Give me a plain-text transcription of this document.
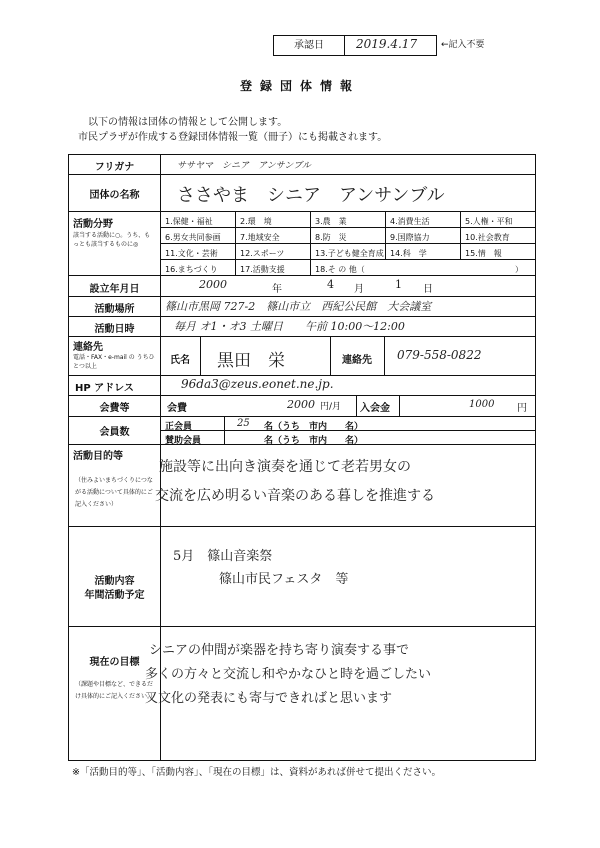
承認日	2019.4.17	←記入不要
登録団体情報
以下の情報は団体の情報として公開します。
市民プラザが作成する登録団体情報一覧（冊子）にも掲載されます。
フリガナ	ササヤマ　シニア　アンサンブル
団体の名称	ささやま　シニア　アンサンブル
活動分野
該当する活動に○。うち、もっとも該当するものに◎
1.保健・福祉	2.環　境	3.農　業	4.消費生活	5.人権・平和
6.男女共同参画 7.地域安全	8.防　災	9.国際協力	10.社会教育
11.文化・芸術	12.スポーツ	13.子ども健全育成 14.科　学	15.情　報
16.まちづくり	17.活動支援	18.そ の 他（	）
設立年月日	2000	年	4 月	1 日
活動場所	篠山市黒岡 727-2　篠山市立　西紀公民館　大会議室
活動日時	毎月 オ1・オ3 土曜日　　午前 10:00〜12:00
連絡先
電話・FAX・e-mail の うちひとつ以上
氏名	黒田　栄	連絡先	079-558-0822
HP アドレス	96da3@zeus.eonet.ne.jp.
会費等	会費	2000 円/月 入会金	1000 円
会員数	正会員	25 名（うち　市内 名）
賛助会員	名（うち　市内 名）
活動目的等
（住みよいまちづくりにつながる活動について具体的にご記入ください）
施設等に出向き演奏を通じて老若男女の
交流を広め明るい音楽のある暮しを推進する
活動内容
年間活動予定
5月　篠山音楽祭
篠山市民フェスタ　等
現在の目標
（課題や目標など、できるだけ具体的にご記入ください。）
シニアの仲間が楽器を持ち寄り演奏する事で
多くの方々と交流し和やかなひと時を過ごしたい
又文化の発表にも寄与できればと思います
※「活動目的等」、「活動内容」、「現在の目標」は、資料があれば併せて提出ください。
